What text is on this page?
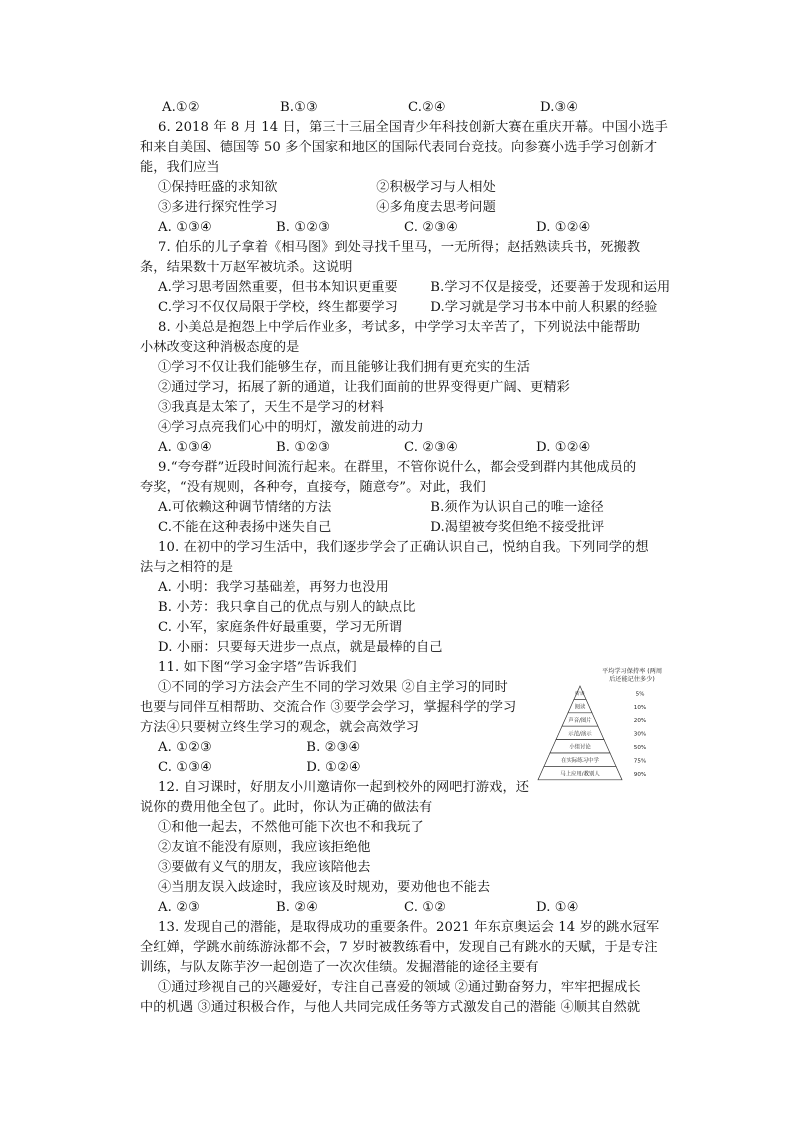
A.①②	B.①③	C.②④	D.③④
6. 2018 年 8 月 14 日，第三十三届全国青少年科技创新大赛在重庆开幕。中国小选手
和来自美国、德国等 50 多个国家和地区的国际代表同台竞技。向参赛小选手学习创新才
能，我们应当
①保持旺盛的求知欲	②积极学习与人相处
③多进行探究性学习	④多角度去思考问题
A. ①③④	B. ①②③	C. ②③④	D. ①②④
7. 伯乐的儿子拿着《相马图》到处寻找千里马，一无所得；赵括熟读兵书，死搬教
条，结果数十万赵军被坑杀。这说明
A.学习思考固然重要，但书本知识更重要 B.学习不仅是接受，还要善于发现和运用
C.学习不仅仅局限于学校，终生都要学习 D.学习就是学习书本中前人积累的经验
8. 小美总是抱怨上中学后作业多，考试多，中学学习太辛苦了，下列说法中能帮助
小林改变这种消极态度的是
①学习不仅让我们能够生存，而且能够让我们拥有更充实的生活
②通过学习，拓展了新的通道，让我们面前的世界变得更广阔、更精彩
③我真是太笨了，天生不是学习的材料
④学习点亮我们心中的明灯，激发前进的动力
A. ①③④	B. ①②③	C. ②③④	D. ①②④
9.“夸夸群”近段时间流行起来。在群里，不管你说什么，都会受到群内其他成员的
夸奖，“没有规则，各种夸，直接夸，随意夸”。对此，我们
A.可依赖这种调节情绪的方法	B.须作为认识自己的唯一途径
C.不能在这种表扬中迷失自己	D.渴望被夸奖但绝不接受批评
10. 在初中的学习生活中，我们逐步学会了正确认识自己，悦纳自我。下列同学的想
法与之相符的是
A. 小明：我学习基础差，再努力也没用
B. 小芳：我只拿自己的优点与别人的缺点比
C. 小军，家庭条件好最重要，学习无所谓
D. 小丽：只要每天进步一点点，就是最棒的自己
11. 如下图“学习金字塔”告诉我们
①不同的学习方法会产生不同的学习效果 ②自主学习的同时
也要与同伴互相帮助、交流合作 ③要学会学习，掌握科学的学习
方法④只要树立终生学习的观念，就会高效学习
A. ①②③	B. ②③④
C. ①③④	D. ①②④
平均学习保持率 (两周
后还能记住多少)
听讲	5%
阅读	10%
声音/图片	20%
示范/演示	30%
小组讨论	50%
在实际练习中学	75%
马上应用/教别人	90%
12. 自习课时，好朋友小川邀请你一起到校外的网吧打游戏，还
说你的费用他全包了。此时，你认为正确的做法有
①和他一起去，不然他可能下次也不和我玩了
②友谊不能没有原则，我应该拒绝他
③要做有义气的朋友，我应该陪他去
④当朋友误入歧途时，我应该及时规劝，要劝他也不能去
A. ②③	B. ②④	C. ①②	D. ①④
13. 发现自己的潜能，是取得成功的重要条件。2021 年东京奥运会 14 岁的跳水冠军
全红婵，学跳水前练游泳都不会，7 岁时被教练看中，发现自己有跳水的天赋，于是专注
训练，与队友陈芋汐一起创造了一次次佳绩。发掘潜能的途径主要有
①通过珍视自己的兴趣爱好，专注自己喜爱的领域 ②通过勤奋努力，牢牢把握成长
中的机遇 ③通过积极合作，与他人共同完成任务等方式激发自己的潜能 ④顺其自然就
